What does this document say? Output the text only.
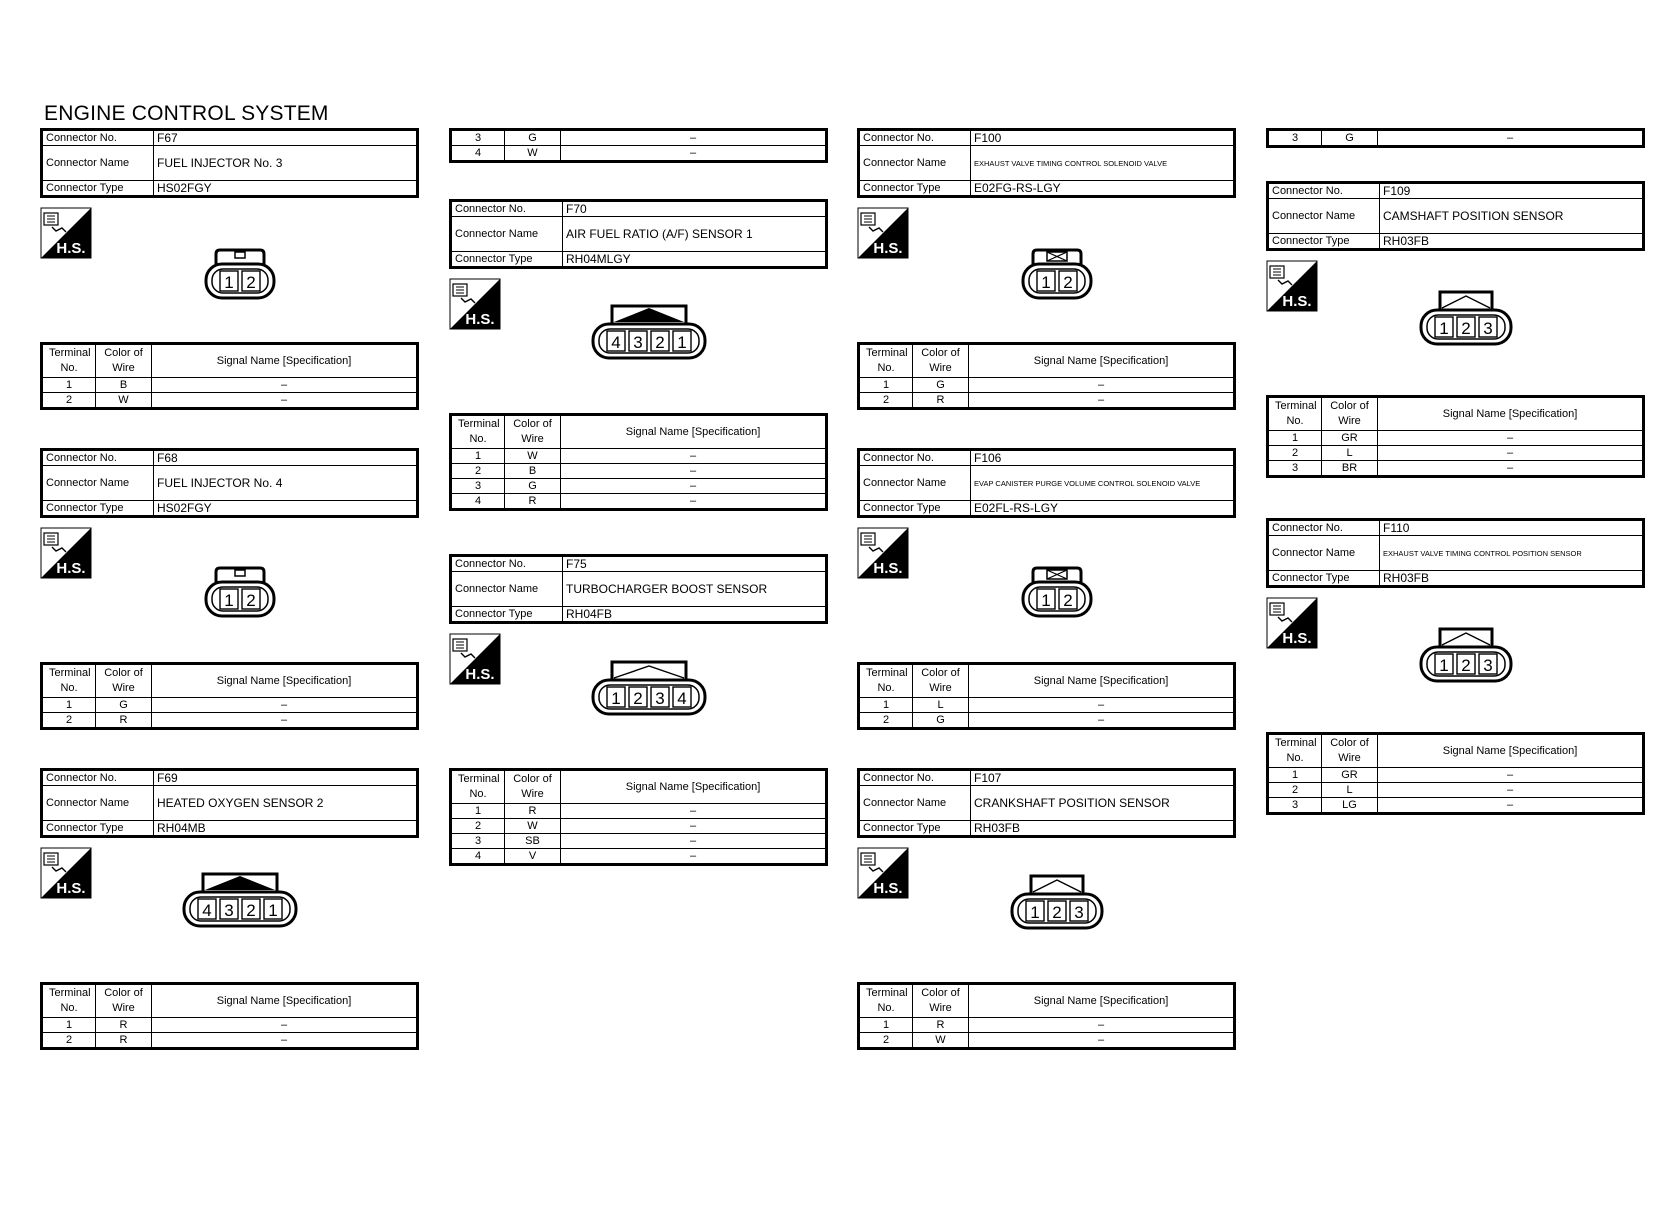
ENGINE CONTROL SYSTEM
3	G	–
4	W	–
3	G	–
Connector No.	F67
Connector Name	FUEL INJECTOR No. 3
Connector Type	HS02FGY
H.S.
1 2
Terminal No.	Color of Wire	Signal Name [Specification]
1	B	–
2	W	–
Connector No.	F68
Connector Name	FUEL INJECTOR No. 4
Connector Type	HS02FGY
H.S.
1 2
Terminal No.	Color of Wire	Signal Name [Specification]
1	G	–
2	R	–
Connector No.	F69
Connector Name	HEATED OXYGEN SENSOR 2
Connector Type	RH04MB
H.S.
4 3 2 1
Terminal No.	Color of Wire	Signal Name [Specification]
1	R	–
2	R	–
Connector No.	F70
Connector Name	AIR FUEL RATIO (A/F) SENSOR 1
Connector Type	RH04MLGY
H.S.
4 3 2 1
Terminal No.	Color of Wire	Signal Name [Specification]
1	W	–
2	B	–
3	G	–
4	R	–
Connector No.	F75
Connector Name	TURBOCHARGER BOOST SENSOR
Connector Type	RH04FB
H.S.
1 2 3 4
Terminal No.	Color of Wire	Signal Name [Specification]
1	R	–
2	W	–
3	SB	–
4	V	–
Connector No.	F100
Connector Name	EXHAUST VALVE TIMING CONTROL SOLENOID VALVE
Connector Type	E02FG-RS-LGY
H.S.
1 2
Terminal No.	Color of Wire	Signal Name [Specification]
1	G	–
2	R	–
Connector No.	F106
Connector Name	EVAP CANISTER PURGE VOLUME CONTROL SOLENOID VALVE
Connector Type	E02FL-RS-LGY
H.S.
1 2
Terminal No.	Color of Wire	Signal Name [Specification]
1	L	–
2	G	–
Connector No.	F107
Connector Name	CRANKSHAFT POSITION SENSOR
Connector Type	RH03FB
H.S.
1 2 3
Terminal No.	Color of Wire	Signal Name [Specification]
1	R	–
2	W	–
Connector No.	F109
Connector Name	CAMSHAFT POSITION SENSOR
Connector Type	RH03FB
H.S.
1 2 3
Terminal No.	Color of Wire	Signal Name [Specification]
1	GR	–
2	L	–
3	BR	–
Connector No.	F110
Connector Name	EXHAUST VALVE TIMING CONTROL POSITION SENSOR
Connector Type	RH03FB
H.S.
1 2 3
Terminal No.	Color of Wire	Signal Name [Specification]
1	GR	–
2	L	–
3	LG	–
